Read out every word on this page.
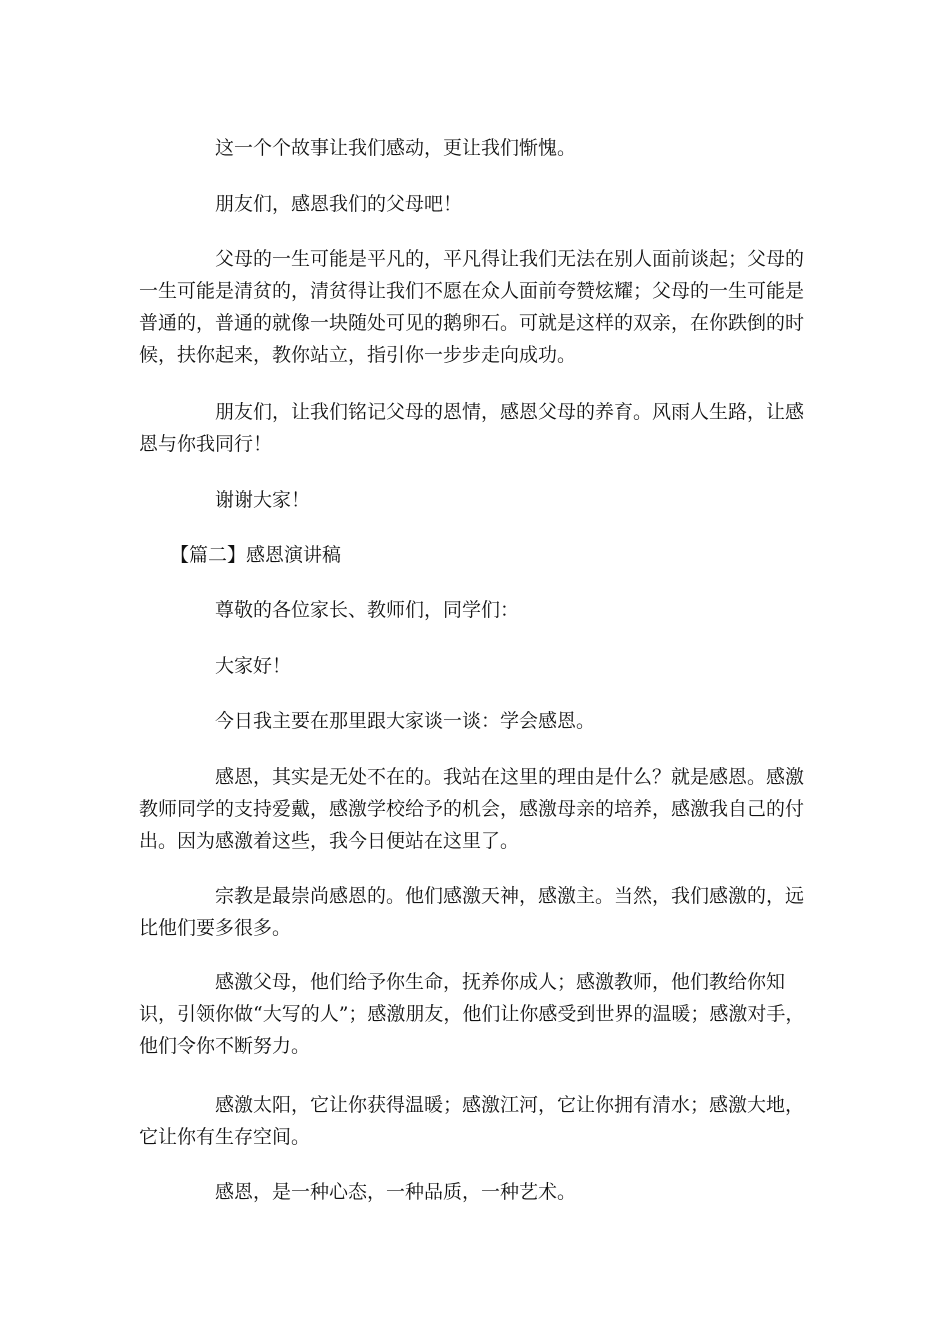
这一个个故事让我们感动，更让我们惭愧。

朋友们，感恩我们的父母吧！

父母的一生可能是平凡的，平凡得让我们无法在别人面前谈起；父母的一生可能是清贫的，清贫得让我们不愿在众人面前夸赞炫耀；父母的一生可能是普通的，普通的就像一块随处可见的鹅卵石。可就是这样的双亲，在你跌倒的时候，扶你起来，教你站立，指引你一步步走向成功。

朋友们，让我们铭记父母的恩情，感恩父母的养育。风雨人生路，让感恩与你我同行！

谢谢大家！

【篇二】感恩演讲稿

尊敬的各位家长、教师们，同学们：

大家好！

今日我主要在那里跟大家谈一谈：学会感恩。

感恩，其实是无处不在的。我站在这里的理由是什么？就是感恩。感激教师同学的支持爱戴，感激学校给予的机会，感激母亲的培养，感激我自己的付出。因为感激着这些，我今日便站在这里了。

宗教是最崇尚感恩的。他们感激天神，感激主。当然，我们感激的，远比他们要多很多。

感激父母，他们给予你生命，抚养你成人；感激教师，他们教给你知识，引领你做“大写的人”；感激朋友，他们让你感受到世界的温暖；感激对手，他们令你不断努力。

感激太阳，它让你获得温暖；感激江河，它让你拥有清水；感激大地，它让你有生存空间。

感恩，是一种心态，一种品质，一种艺术。
